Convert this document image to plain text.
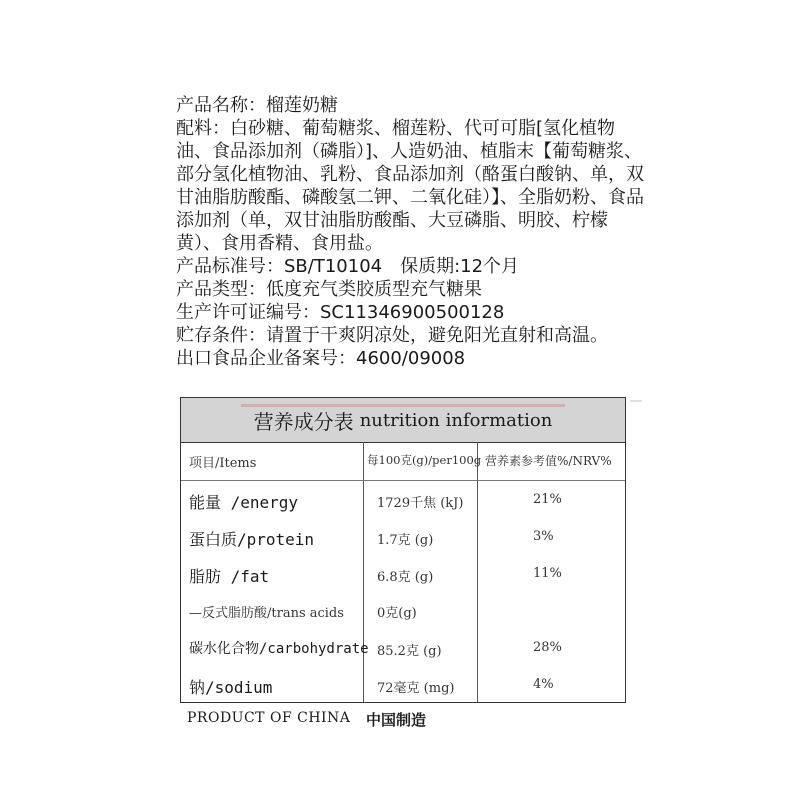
产品名称：榴莲奶糖
配料：白砂糖、葡萄糖浆、榴莲粉、代可可脂[氢化植物油、食品添加剂（磷脂）]、人造奶油、植脂末【葡萄糖浆、部分氢化植物油、乳粉、食品添加剂（酪蛋白酸钠、单，双甘油脂肪酸酯、磷酸氢二钾、二氧化硅）】、全脂奶粉、食品添加剂（单，双甘油脂肪酸酯、大豆磷脂、明胶、柠檬黄）、食用香精、食用盐。
产品标准号：SB/T10104　保质期:12个月
产品类型：低度充气类胶质型充气糖果
生产许可证编号：SC11346900500128
贮存条件：请置于干爽阴凉处，避免阳光直射和高温。
出口食品企业备案号：4600/09008
营养成分表 nutrition information
项目/Items	每100克(g)/per100g 营养素参考值%/NRV%
能量 /energy	1729千焦 (kJ)	21%
蛋白质/protein	1.7克 (g)	3%
脂肪 /fat	6.8克 (g)	11%
—反式脂肪酸/trans acids	0克(g)
碳水化合物/carbohydrate 85.2克 (g)	28%
钠/sodium	72毫克 (mg)	4%
PRODUCT OF CHINA 中国制造
